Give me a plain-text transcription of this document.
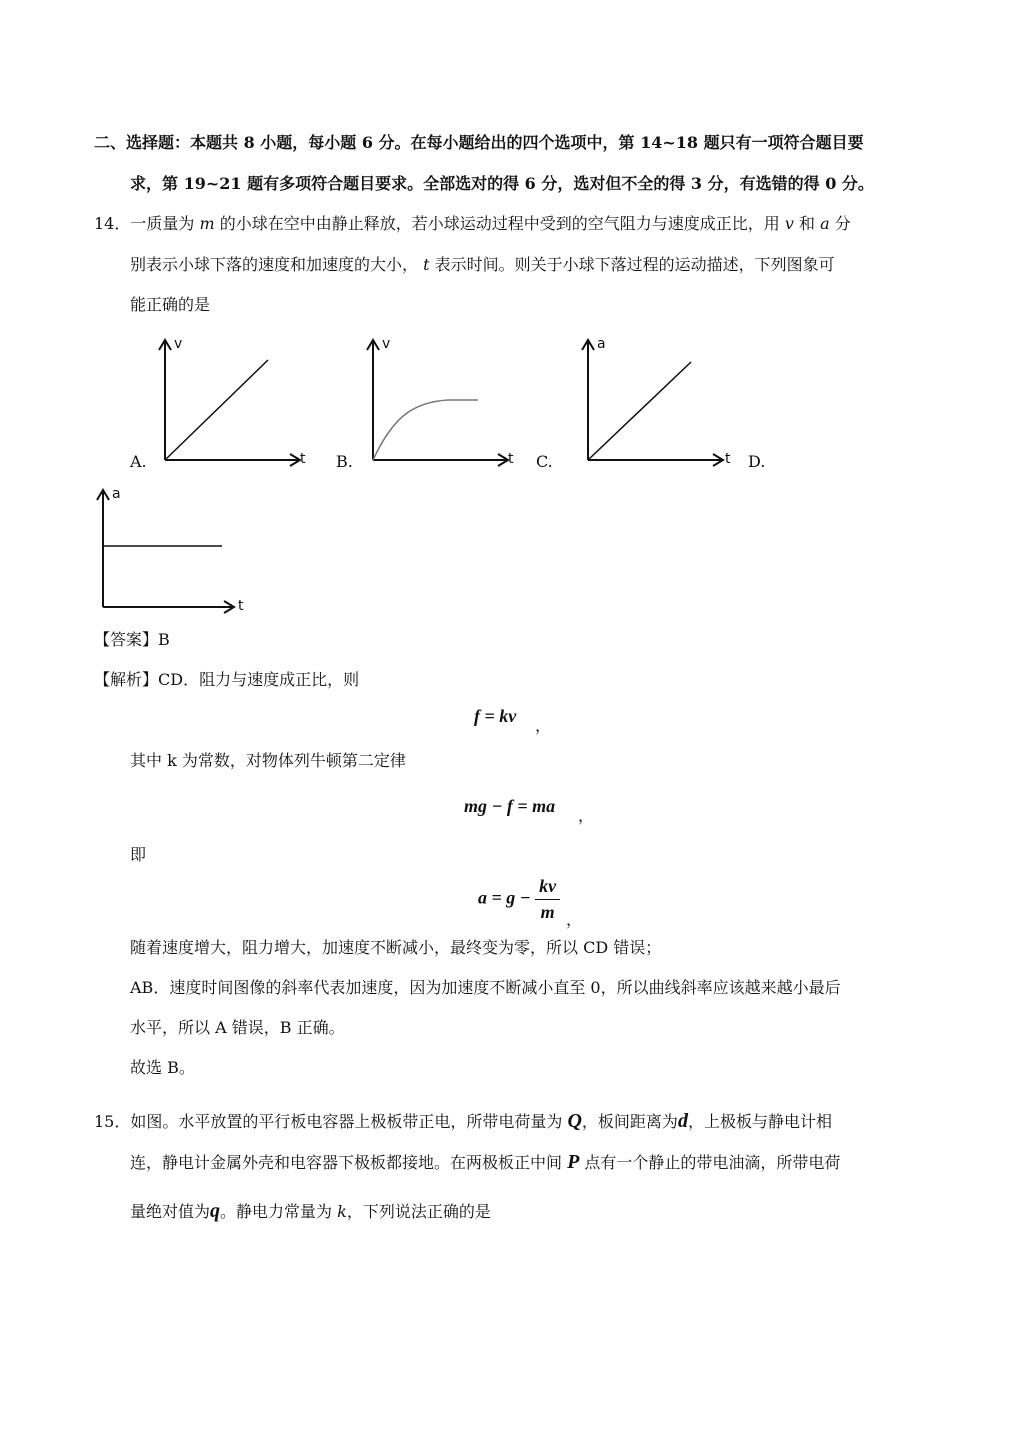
二、选择题：本题共 8 小题，每小题 6 分。在每小题给出的四个选项中，第 14~18 题只有一项符合题目要
求，第 19~21 题有多项符合题目要求。全部选对的得 6 分，选对但不全的得 3 分，有选错的得 0 分。
14．一质量为 m 的小球在空中由静止释放，若小球运动过程中受到的空气阻力与速度成正比，用 v 和 a 分
别表示小球下落的速度和加速度的大小， t 表示时间。则关于小球下落过程的运动描述，下列图象可
能正确的是
v
t
A.
v
t
B.
a
t
C.	D.
a
t
【答案】B
【解析】CD．阻力与速度成正比，则
f = kv ，
其中 k 为常数，对物体列牛顿第二定律
mg − f = ma ，
即
$a = g - \frac{kv}{m}$ ，
随着速度增大，阻力增大，加速度不断减小，最终变为零，所以 CD 错误；
AB．速度时间图像的斜率代表加速度，因为加速度不断减小直至 0，所以曲线斜率应该越来越小最后
水平，所以 A 错误，B 正确。
故选 B。
15．如图。水平放置的平行板电容器上极板带正电，所带电荷量为 Q，板间距离为d，上极板与静电计相
连，静电计金属外壳和电容器下极板都接地。在两极板正中间 P 点有一个静止的带电油滴，所带电荷
量绝对值为q。静电力常量为 k，下列说法正确的是
